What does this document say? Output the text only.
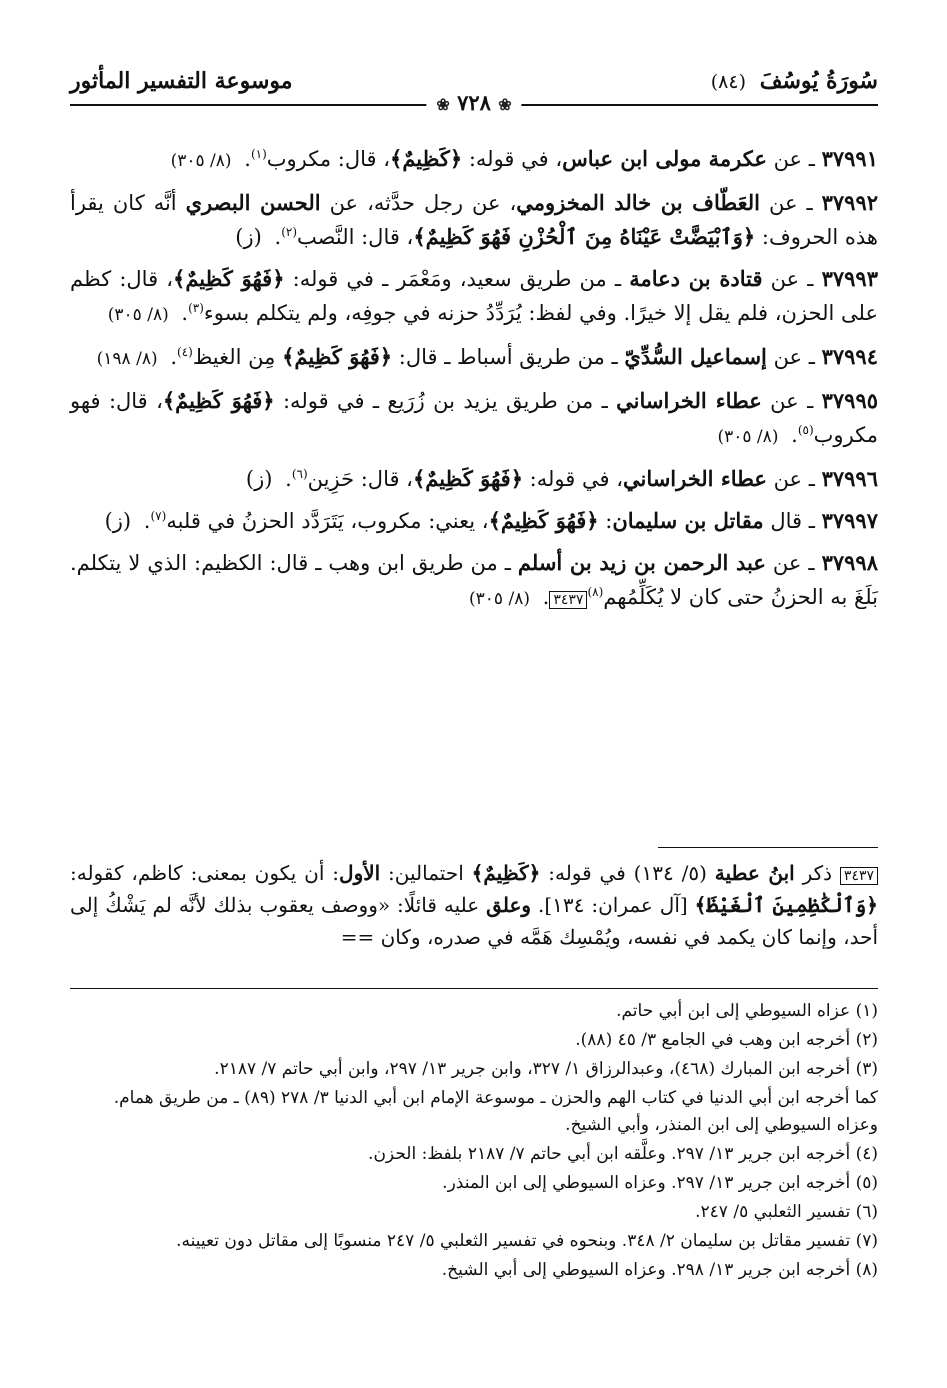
سُورَةُ يُوسُفَ (٨٤)
موسوعة التفسير المأثور
❀ ٧٢٨ ❀

٣٧٩٩١ ـ عن عكرمة مولى ابن عباس، في قوله: ﴿كَظِيمٌ﴾، قال: مكروب$^{(١)}$. (٨/ ٣٠٥)

٣٧٩٩٢ ـ عن العَطّاف بن خالد المخزومي، عن رجل حدَّثه، عن الحسن البصري أنَّه كان يقرأ هذه الحروف: ﴿وَٱبْيَضَّتْ عَيْنَاهُ مِنَ ٱلْحُزْنِ فَهُوَ كَظِيمٌ﴾، قال: النَّصب$^{(٢)}$. (ز)

٣٧٩٩٣ ـ عن قتادة بن دعامة ـ من طريق سعيد، ومَعْمَر ـ في قوله: ﴿فَهُوَ كَظِيمٌ﴾، قال: كظم على الحزن، فلم يقل إلا خيرًا. وفي لفظ: يُرَدِّدُ حزنه في جوفِه، ولم يتكلم بسوء$^{(٣)}$. (٨/ ٣٠٥)

٣٧٩٩٤ ـ عن إسماعيل السُّدِّيّ ـ من طريق أسباط ـ قال: ﴿فَهُوَ كَظِيمٌ﴾ مِن الغيظ$^{(٤)}$. (٨/ ١٩٨)

٣٧٩٩٥ ـ عن عطاء الخراساني ـ من طريق يزيد بن زُرَيع ـ في قوله: ﴿فَهُوَ كَظِيمٌ﴾، قال: فهو مكروب$^{(٥)}$. (٨/ ٣٠٥)

٣٧٩٩٦ ـ عن عطاء الخراساني، في قوله: ﴿فَهُوَ كَظِيمٌ﴾، قال: حَزِين$^{(٦)}$. (ز)

٣٧٩٩٧ ـ قال مقاتل بن سليمان: ﴿فَهُوَ كَظِيمٌ﴾، يعني: مكروب، يَتَرَدَّد الحزنُ في قلبه$^{(٧)}$. (ز)

٣٧٩٩٨ ـ عن عبد الرحمن بن زيد بن أسلم ـ من طريق ابن وهب ـ قال: الكظيم: الذي لا يتكلم. بَلَغَ به الحزنُ حتى كان لا يُكَلِّمُهم$^{(٨)}$٣٤٣٧. (٨/ ٣٠٥)

٣٤٣٧ ذكر ابنُ عطية (٥/ ١٣٤) في قوله: ﴿كَظِيمٌ﴾ احتمالين: الأول: أن يكون بمعنى: كاظم، كقوله: ﴿وَٱلْكَٰظِمِينَ ٱلْغَيْظَ﴾ [آل عمران: ١٣٤]. وعلق عليه قائلًا: «ووصف يعقوب بذلك لأنَّه لم يَشْكُ إلى أحد، وإنما كان يكمد في نفسه، ويُمْسِك هَمَّه في صدره، وكان ==

(١) عزاه السيوطي إلى ابن أبي حاتم.

(٢) أخرجه ابن وهب في الجامع ٣/ ٤٥ (٨٨).

(٣) أخرجه ابن المبارك (٤٦٨)، وعبدالرزاق ١/ ٣٢٧، وابن جرير ١٣/ ٢٩٧، وابن أبي حاتم ٧/ ٢١٨٧.

كما أخرجه ابن أبي الدنيا في كتاب الهم والحزن ـ موسوعة الإمام ابن أبي الدنيا ٣/ ٢٧٨ (٨٩) ـ من طريق همام. وعزاه السيوطي إلى ابن المنذر، وأبي الشيخ.

(٤) أخرجه ابن جرير ١٣/ ٢٩٧. وعلَّقه ابن أبي حاتم ٧/ ٢١٨٧ بلفظ: الحزن.

(٥) أخرجه ابن جرير ١٣/ ٢٩٧. وعزاه السيوطي إلى ابن المنذر.

(٦) تفسير الثعلبي ٥/ ٢٤٧.

(٧) تفسير مقاتل بن سليمان ٢/ ٣٤٨. وبنحوه في تفسير الثعلبي ٥/ ٢٤٧ منسوبًا إلى مقاتل دون تعيينه.

(٨) أخرجه ابن جرير ١٣/ ٢٩٨. وعزاه السيوطي إلى أبي الشيخ.
